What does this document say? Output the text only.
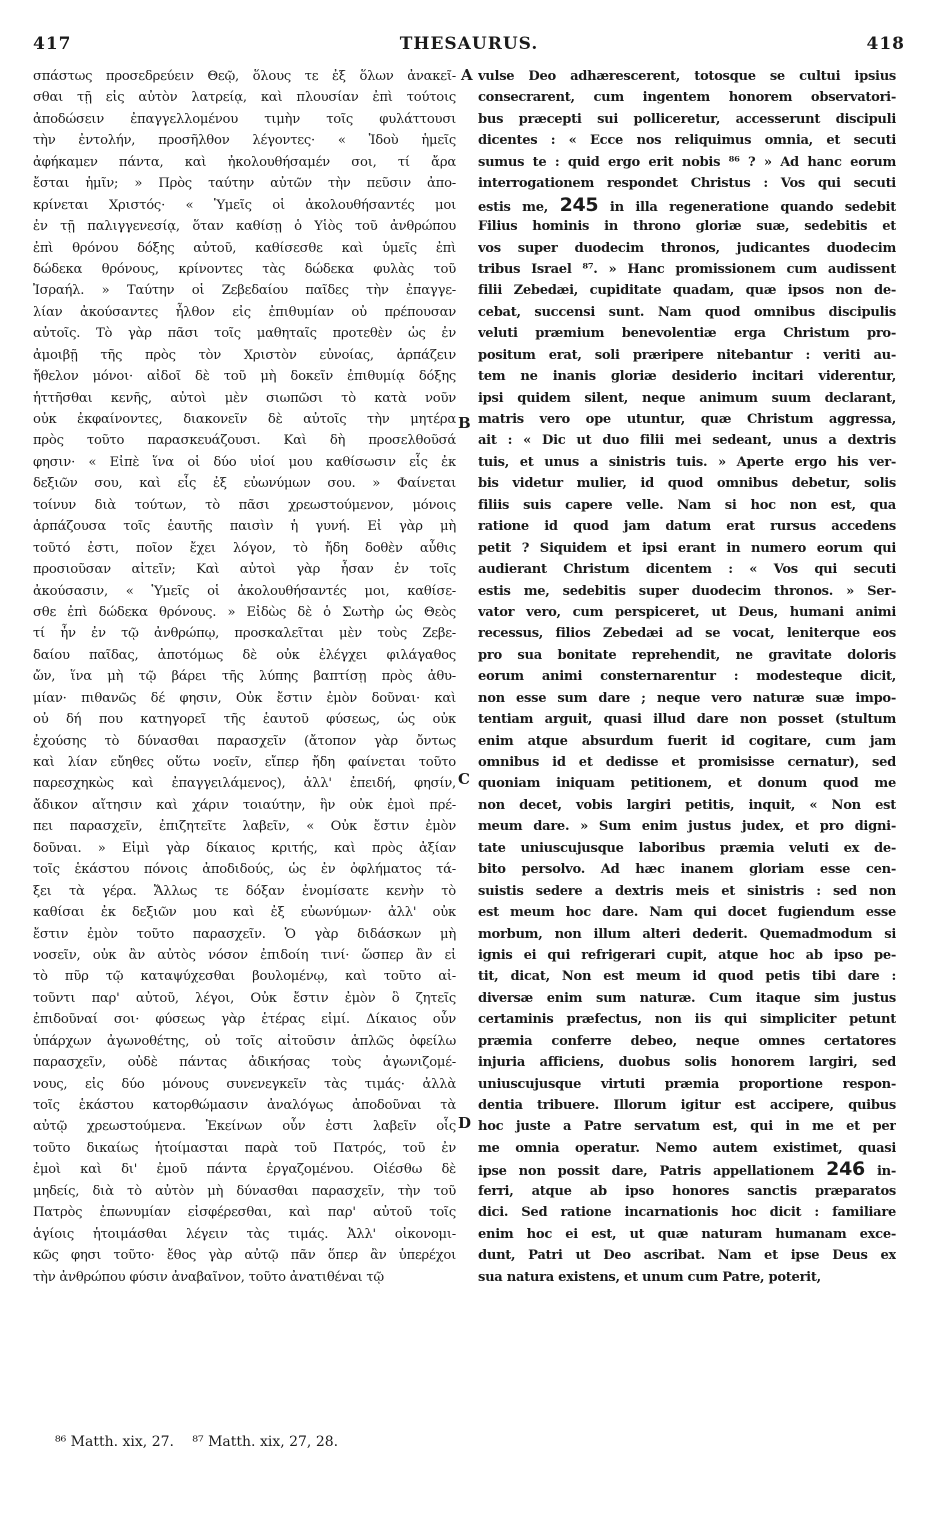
417	THESAURUS.	418
σπάστως προσεδρεύειν Θεῷ, ὅλους τε ἐξ ὅλων ἀνακεῖ-
σθαι τῇ εἰς αὐτὸν λατρείᾳ, καὶ πλουσίαν ἐπὶ τούτοις
ἀποδώσειν ἐπαγγελλομένου τιμὴν τοῖς φυλάττουσι
τὴν ἐντολήν, προσῆλθον λέγοντες· « Ἰδοὺ ἡμεῖς
ἀφήκαμεν πάντα, καὶ ἠκολουθήσαμέν σοι, τί ἄρα
ἔσται ἡμῖν; » Πρὸς ταύτην αὐτῶν τὴν πεῦσιν ἀπο-
κρίνεται Χριστός· « Ὑμεῖς οἱ ἀκολουθήσαντές μοι
ἐν τῇ παλιγγενεσίᾳ, ὅταν καθίσῃ ὁ Υἱὸς τοῦ ἀνθρώπου
ἐπὶ θρόνου δόξης αὐτοῦ, καθίσεσθε καὶ ὑμεῖς ἐπὶ
δώδεκα θρόνους, κρίνοντες τὰς δώδεκα φυλὰς τοῦ
Ἰσραήλ. » Ταύτην οἱ Ζεβεδαίου παῖδες τὴν ἐπαγγε-
λίαν ἀκούσαντες ἦλθον εἰς ἐπιθυμίαν οὐ πρέπουσαν
αὐτοῖς. Τὸ γὰρ πᾶσι τοῖς μαθηταῖς προτεθὲν ὡς ἐν
ἀμοιβῇ τῆς πρὸς τὸν Χριστὸν εὐνοίας, ἁρπάζειν
ἤθελον μόνοι· αἰδοῖ δὲ τοῦ μὴ δοκεῖν ἐπιθυμίᾳ δόξης
ἡττῆσθαι κενῆς, αὐτοὶ μὲν σιωπῶσι τὸ κατὰ νοῦν
οὐκ ἐκφαίνοντες, διακονεῖν δὲ αὐτοῖς τὴν μητέρα
πρὸς τοῦτο παρασκευάζουσι. Καὶ δὴ προσελθοῦσά
φησιν· « Εἰπὲ ἵνα οἱ δύο υἱοί μου καθίσωσιν εἷς ἐκ
δεξιῶν σου, καὶ εἷς ἐξ εὐωνύμων σου. » Φαίνεται
τοίνυν διὰ τούτων, τὸ πᾶσι χρεωστούμενον, μόνοις
ἁρπάζουσα τοῖς ἑαυτῆς παισὶν ἡ γυνή. Εἰ γὰρ μὴ
τοῦτό ἐστι, ποῖον ἔχει λόγον, τὸ ἤδη δοθὲν αὖθις
προσιοῦσαν αἰτεῖν; Καὶ αὐτοὶ γὰρ ἦσαν ἐν τοῖς
ἀκούσασιν, « Ὑμεῖς οἱ ἀκολουθήσαντές μοι, καθίσε-
σθε ἐπὶ δώδεκα θρόνους. » Εἰδὼς δὲ ὁ Σωτὴρ ὡς Θεὸς
τί ἦν ἐν τῷ ἀνθρώπῳ, προσκαλεῖται μὲν τοὺς Ζεβε-
δαίου παῖδας, ἀποτόμως δὲ οὐκ ἐλέγχει φιλάγαθος
ὤν, ἵνα μὴ τῷ βάρει τῆς λύπης βαπτίσῃ πρὸς ἀθυ-
μίαν· πιθανῶς δέ φησιν, Οὐκ ἔστιν ἐμὸν δοῦναι· καὶ
οὐ δή που κατηγορεῖ τῆς ἑαυτοῦ φύσεως, ὡς οὐκ
ἐχούσης τὸ δύνασθαι παρασχεῖν (ἄτοπον γὰρ ὄντως
καὶ λίαν εὔηθες οὕτω νοεῖν, εἴπερ ἤδη φαίνεται τοῦτο
παρεσχηκὼς καὶ ἐπαγγειλάμενος), ἀλλ' ἐπειδή, φησίν,
ἄδικον αἴτησιν καὶ χάριν τοιαύτην, ἣν οὐκ ἐμοὶ πρέ-
πει παρασχεῖν, ἐπιζητεῖτε λαβεῖν, « Οὐκ ἔστιν ἐμὸν
δοῦναι. » Εἰμὶ γὰρ δίκαιος κριτής, καὶ πρὸς ἀξίαν
τοῖς ἑκάστου πόνοις ἀποδιδούς, ὡς ἐν ὀφλήματος τά-
ξει τὰ γέρα. Ἄλλως τε δόξαν ἐνομίσατε κενὴν τὸ
καθίσαι ἐκ δεξιῶν μου καὶ ἐξ εὐωνύμων· ἀλλ' οὐκ
ἔστιν ἐμὸν τοῦτο παρασχεῖν. Ὁ γὰρ διδάσκων μὴ
νοσεῖν, οὐκ ἂν αὐτὸς νόσον ἐπιδοίη τινί· ὥσπερ ἂν εἰ
τὸ πῦρ τῷ καταψύχεσθαι βουλομένῳ, καὶ τοῦτο αἰ-
τοῦντι παρ' αὐτοῦ, λέγοι, Οὐκ ἔστιν ἐμὸν ὃ ζητεῖς
ἐπιδοῦναί σοι· φύσεως γὰρ ἑτέρας εἰμί. Δίκαιος οὖν
ὑπάρχων ἀγωνοθέτης, οὐ τοῖς αἰτοῦσιν ἁπλῶς ὀφείλω
παρασχεῖν, οὐδὲ πάντας ἀδικήσας τοὺς ἀγωνιζομέ-
νους, εἰς δύο μόνους συνενεγκεῖν τὰς τιμάς· ἀλλὰ
τοῖς ἑκάστου κατορθώμασιν ἀναλόγως ἀποδοῦναι τὰ
αὐτῷ χρεωστούμενα. Ἐκείνων οὖν ἐστι λαβεῖν οἷς
τοῦτο δικαίως ἡτοίμασται παρὰ τοῦ Πατρός, τοῦ ἐν
ἐμοὶ καὶ δι' ἐμοῦ πάντα ἐργαζομένου. Οἰέσθω δὲ
μηδείς, διὰ τὸ αὐτὸν μὴ δύνασθαι παρασχεῖν, τὴν τοῦ
Πατρὸς ἐπωνυμίαν εἰσφέρεσθαι, καὶ παρ' αὐτοῦ τοῖς
ἁγίοις ἡτοιμάσθαι λέγειν τὰς τιμάς. Ἀλλ' οἰκονομι-
κῶς φησι τοῦτο· ἔθος γὰρ αὐτῷ πᾶν ὅπερ ἂν ὑπερέχοι
τὴν ἀνθρώπου φύσιν ἀναβαῖνον, τοῦτο ἀνατιθέναι τῷ
vulse Deo adhærescerent, totosque se cultui ipsius
consecrarent, cum ingentem honorem observatori-
bus præcepti sui polliceretur, accesserunt discipuli
dicentes : « Ecce nos reliquimus omnia, et secuti
sumus te : quid ergo erit nobis ⁸⁶ ? » Ad hanc eorum
interrogationem respondet Christus : Vos qui secuti
estis me, 245 in illa regeneratione quando sedebit
Filius hominis in throno gloriæ suæ, sedebitis et
vos super duodecim thronos, judicantes duodecim
tribus Israel ⁸⁷. » Hanc promissionem cum audissent
filii Zebedæi, cupiditate quadam, quæ ipsos non de-
cebat, succensi sunt. Nam quod omnibus discipulis
veluti præmium benevolentiæ erga Christum pro-
positum erat, soli præripere nitebantur : veriti au-
tem ne inanis gloriæ desiderio incitari viderentur,
ipsi quidem silent, neque animum suum declarant,
matris vero ope utuntur, quæ Christum aggressa,
ait : « Dic ut duo filii mei sedeant, unus a dextris
tuis, et unus a sinistris tuis. » Aperte ergo his ver-
bis videtur mulier, id quod omnibus debetur, solis
filiis suis capere velle. Nam si hoc non est, qua
ratione id quod jam datum erat rursus accedens
petit ? Siquidem et ipsi erant in numero eorum qui
audierant Christum dicentem : « Vos qui secuti
estis me, sedebitis super duodecim thronos. » Ser-
vator vero, cum perspiceret, ut Deus, humani animi
recessus, filios Zebedæi ad se vocat, leniterque eos
pro sua bonitate reprehendit, ne gravitate doloris
eorum animi consternarentur : modesteque dicit,
non esse sum dare ; neque vero naturæ suæ impo-
tentiam arguit, quasi illud dare non posset (stultum
enim atque absurdum fuerit id cogitare, cum jam
omnibus id et dedisse et promisisse cernatur), sed
quoniam iniquam petitionem, et donum quod me
non decet, vobis largiri petitis, inquit, « Non est
meum dare. » Sum enim justus judex, et pro digni-
tate uniuscujusque laboribus præmia veluti ex de-
bito persolvo. Ad hæc inanem gloriam esse cen-
suistis sedere a dextris meis et sinistris : sed non
est meum hoc dare. Nam qui docet fugiendum esse
morbum, non illum alteri dederit. Quemadmodum si
ignis ei qui refrigerari cupit, atque hoc ab ipso pe-
tit, dicat, Non est meum id quod petis tibi dare :
diversæ enim sum naturæ. Cum itaque sim justus
certaminis præfectus, non iis qui simpliciter petunt
præmia conferre debeo, neque omnes certatores
injuria afficiens, duobus solis honorem largiri, sed
uniuscujusque virtuti præmia proportione respon-
dentia tribuere. Illorum igitur est accipere, quibus
hoc juste a Patre servatum est, qui in me et per
me omnia operatur. Nemo autem existimet, quasi
ipse non possit dare, Patris appellationem 246 in-
ferri, atque ab ipso honores sanctis præparatos
dici. Sed ratione incarnationis hoc dicit : familiare
enim hoc ei est, ut quæ naturam humanam exce-
dunt, Patri ut Deo ascribat. Nam et ipse Deus ex
sua natura existens, et unum cum Patre, poterit,
A
B
C
D
⁸⁶ Matth. xix, 27. ⁸⁷ Matth. xix, 27, 28.
